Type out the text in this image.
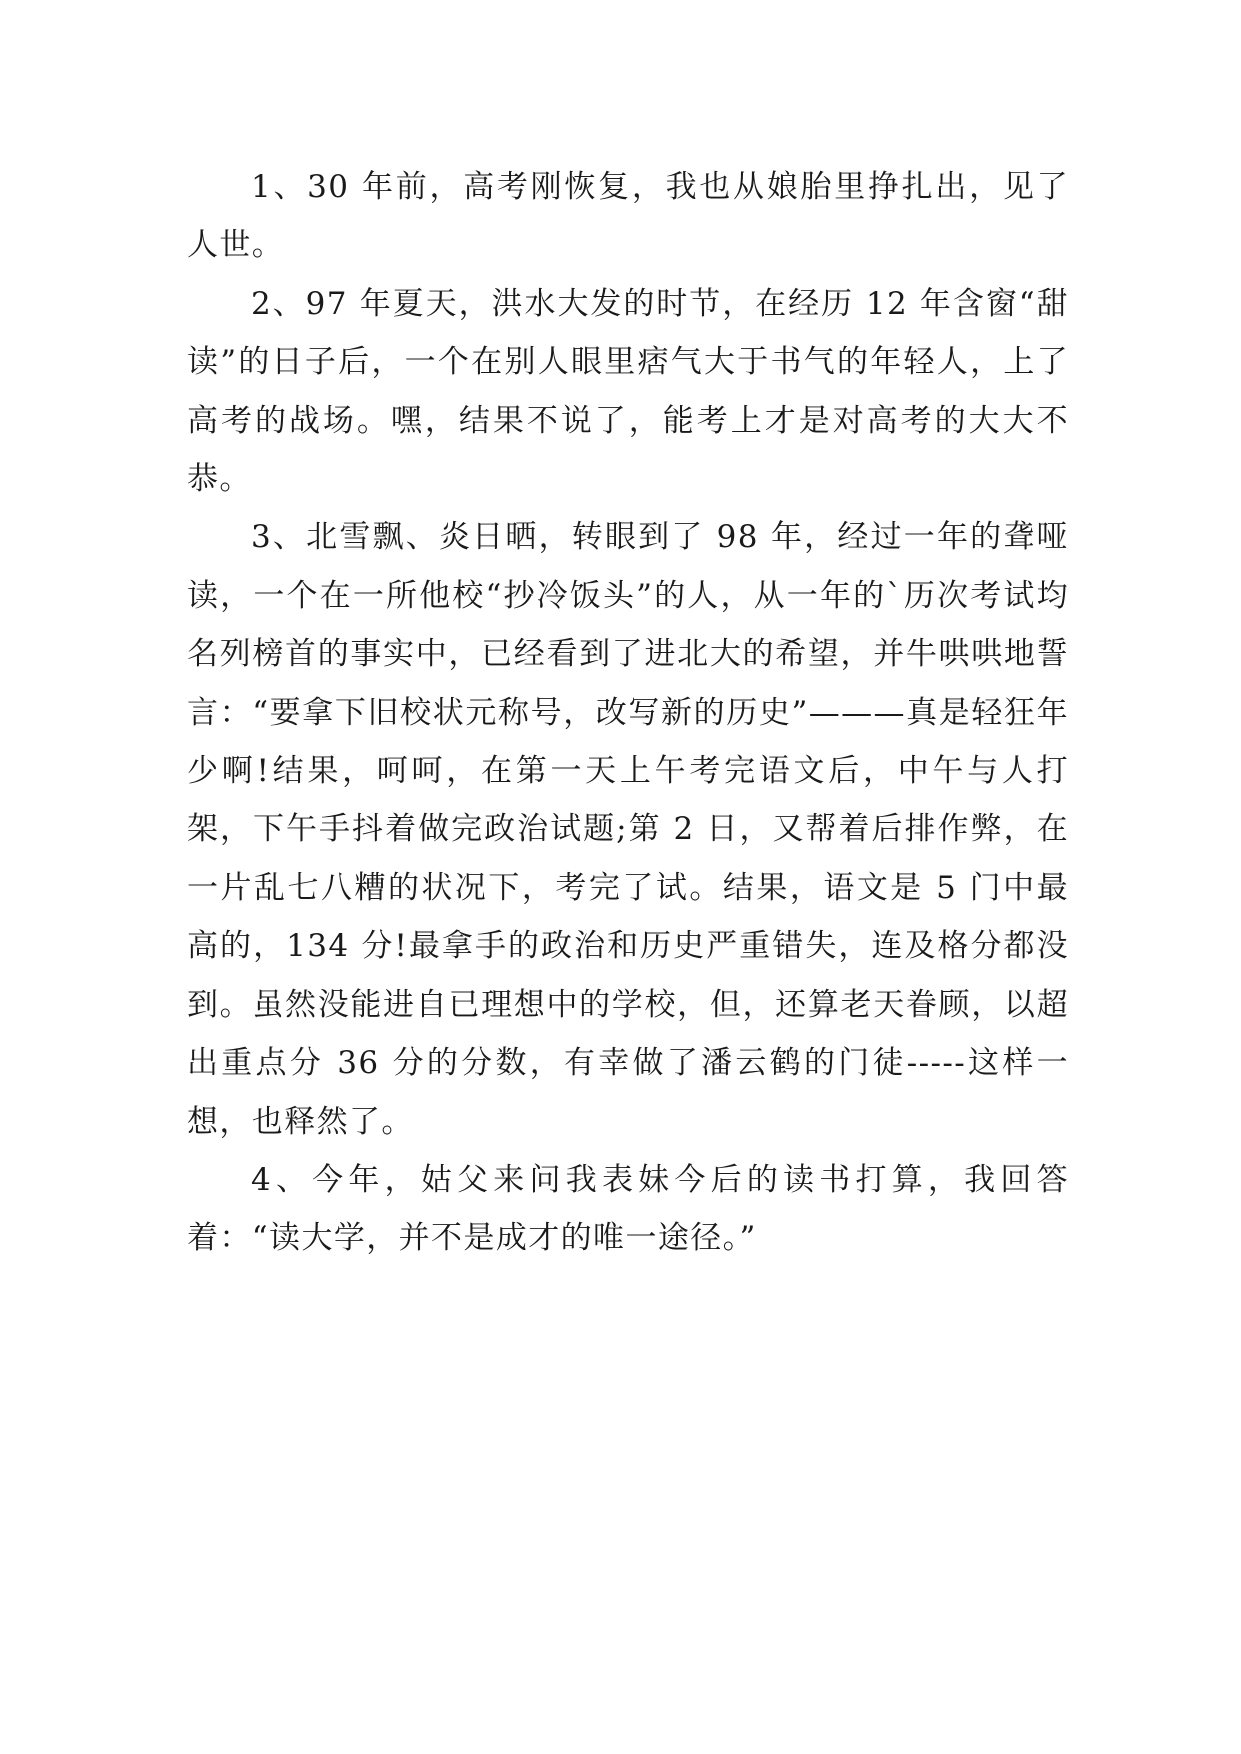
1、30 年前，高考刚恢复，我也从娘胎里挣扎出，见了人世。

2、97 年夏天，洪水大发的时节，在经历 12 年含窗“甜读”的日子后，一个在别人眼里痞气大于书气的年轻人，上了高考的战场。嘿，结果不说了，能考上才是对高考的大大不恭。

3、北雪飘、炎日晒，转眼到了 98 年，经过一年的聋哑读，一个在一所他校“抄冷饭头”的人，从一年的`历次考试均名列榜首的事实中，已经看到了进北大的希望，并牛哄哄地誓言：“要拿下旧校状元称号，改写新的历史”———真是轻狂年少啊!结果，呵呵，在第一天上午考完语文后，中午与人打架，下午手抖着做完政治试题;第 2 日，又帮着后排作弊，在一片乱七八糟的状况下，考完了试。结果，语文是 5 门中最高的，134 分!最拿手的政治和历史严重错失，连及格分都没到。虽然没能进自已理想中的学校，但，还算老天眷顾，以超出重点分 36 分的分数，有幸做了潘云鹤的门徒-----这样一想，也释然了。

4、今年，姑父来问我表妹今后的读书打算，我回答着：“读大学，并不是成才的唯一途径。”
